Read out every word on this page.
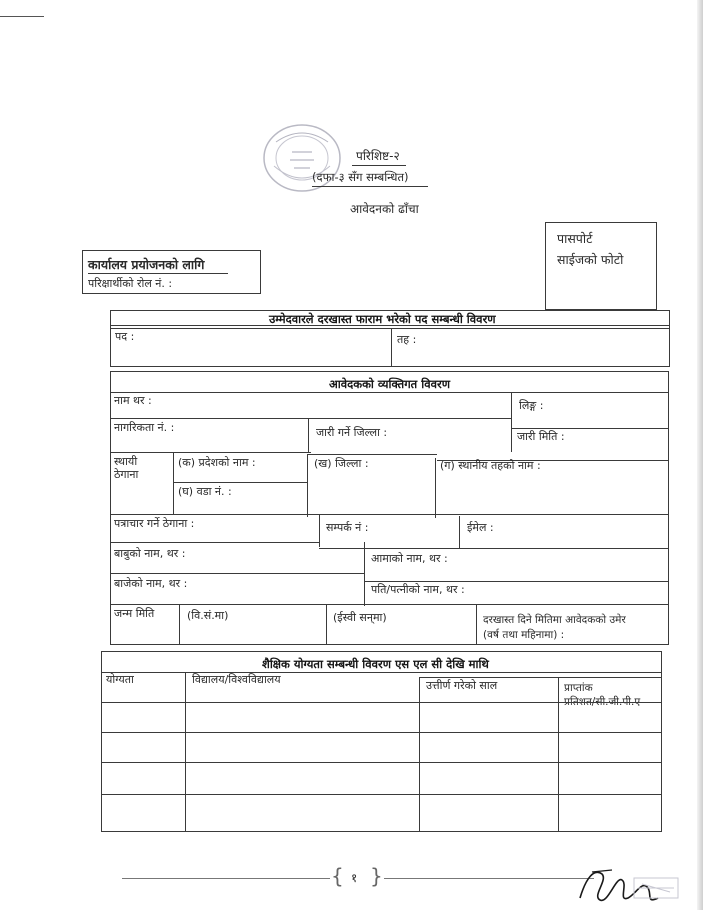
परिशिष्ट-२
(दफा-३ सँग सम्बन्धित)
आवेदनको ढाँचा
पासपोर्ट
साईजको फोटो
कार्यालय प्रयोजनको लागि
परिक्षार्थीको रोल नं. :
उम्मेदवारले दरखास्त फाराम भरेको पद सम्बन्धी विवरण
पद :	तह :
आवेदकको व्यक्तिगत विवरण
नाम थर :	लिङ्ग :
नागरिकता नं. :	जारी गर्ने जिल्ला :	जारी मिति :
स्थायी
ठेगाना
(क) प्रदेशको नाम :	(ख) जिल्ला :	(ग) स्थानीय तहको नाम :
(घ) वडा नं. :
पत्राचार गर्ने ठेगाना :	सम्पर्क नं :	ईमेल :
बाबुको नाम, थर :	आमाको नाम, थर :
बाजेको नाम, थर :	पति/पत्नीको नाम, थर :
जन्म मिति	(वि.सं.मा)	(ईस्वी सन्‌मा)	दरखास्त दिने मितिमा आवेदकको उमेर
(वर्ष तथा महिनामा) :
शैक्षिक योग्यता सम्बन्धी विवरण एस एल सी देखि माथि
योग्यता	विद्यालय/विश्वविद्यालय	उत्तीर्ण गरेको साल	प्राप्तांक
प्रतिशत/सी.जी.पी.ए
{ १ }
